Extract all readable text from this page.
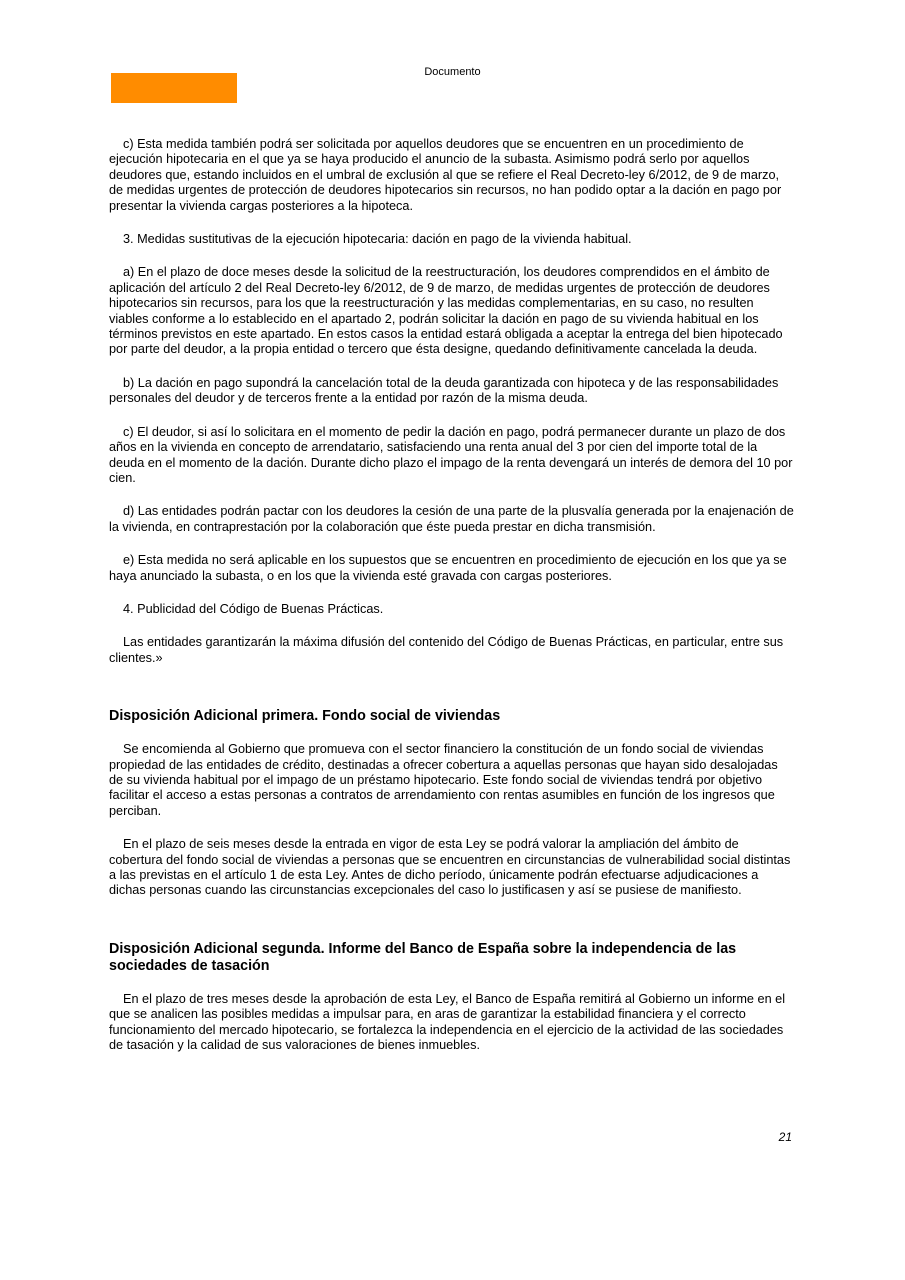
Documento

c) Esta medida también podrá ser solicitada por aquellos deudores que se encuentren en un procedimiento de ejecución hipotecaria en el que ya se haya producido el anuncio de la subasta. Asimismo podrá serlo por aquellos deudores que, estando incluidos en el umbral de exclusión al que se refiere el Real Decreto-ley 6/2012, de 9 de marzo, de medidas urgentes de protección de deudores hipotecarios sin recursos, no han podido optar a la dación en pago por presentar la vivienda cargas posteriores a la hipoteca.

3. Medidas sustitutivas de la ejecución hipotecaria: dación en pago de la vivienda habitual.

a) En el plazo de doce meses desde la solicitud de la reestructuración, los deudores comprendidos en el ámbito de aplicación del artículo 2 del Real Decreto-ley 6/2012, de 9 de marzo, de medidas urgentes de protección de deudores hipotecarios sin recursos, para los que la reestructuración y las medidas complementarias, en su caso, no resulten viables conforme a lo establecido en el apartado 2, podrán solicitar la dación en pago de su vivienda habitual en los términos previstos en este apartado. En estos casos la entidad estará obligada a aceptar la entrega del bien hipotecado por parte del deudor, a la propia entidad o tercero que ésta designe, quedando definitivamente cancelada la deuda.

b) La dación en pago supondrá la cancelación total de la deuda garantizada con hipoteca y de las responsabilidades personales del deudor y de terceros frente a la entidad por razón de la misma deuda.

c) El deudor, si así lo solicitara en el momento de pedir la dación en pago, podrá permanecer durante un plazo de dos años en la vivienda en concepto de arrendatario, satisfaciendo una renta anual del 3 por cien del importe total de la deuda en el momento de la dación. Durante dicho plazo el impago de la renta devengará un interés de demora del 10 por cien.

d) Las entidades podrán pactar con los deudores la cesión de una parte de la plusvalía generada por la enajenación de la vivienda, en contraprestación por la colaboración que éste pueda prestar en dicha transmisión.

e) Esta medida no será aplicable en los supuestos que se encuentren en procedimiento de ejecución en los que ya se haya anunciado la subasta, o en los que la vivienda esté gravada con cargas posteriores.

4. Publicidad del Código de Buenas Prácticas.

Las entidades garantizarán la máxima difusión del contenido del Código de Buenas Prácticas, en particular, entre sus clientes.»

Disposición Adicional primera. Fondo social de viviendas

Se encomienda al Gobierno que promueva con el sector financiero la constitución de un fondo social de viviendas propiedad de las entidades de crédito, destinadas a ofrecer cobertura a aquellas personas que hayan sido desalojadas de su vivienda habitual por el impago de un préstamo hipotecario. Este fondo social de viviendas tendrá por objetivo facilitar el acceso a estas personas a contratos de arrendamiento con rentas asumibles en función de los ingresos que perciban.

En el plazo de seis meses desde la entrada en vigor de esta Ley se podrá valorar la ampliación del ámbito de cobertura del fondo social de viviendas a personas que se encuentren en circunstancias de vulnerabilidad social distintas a las previstas en el artículo 1 de esta Ley. Antes de dicho período, únicamente podrán efectuarse adjudicaciones a dichas personas cuando las circunstancias excepcionales del caso lo justificasen y así se pusiese de manifiesto.

Disposición Adicional segunda. Informe del Banco de España sobre la independencia de las sociedades de tasación

En el plazo de tres meses desde la aprobación de esta Ley, el Banco de España remitirá al Gobierno un informe en el que se analicen las posibles medidas a impulsar para, en aras de garantizar la estabilidad financiera y el correcto funcionamiento del mercado hipotecario, se fortalezca la independencia en el ejercicio de la actividad de las sociedades de tasación y la calidad de sus valoraciones de bienes inmuebles.

21
